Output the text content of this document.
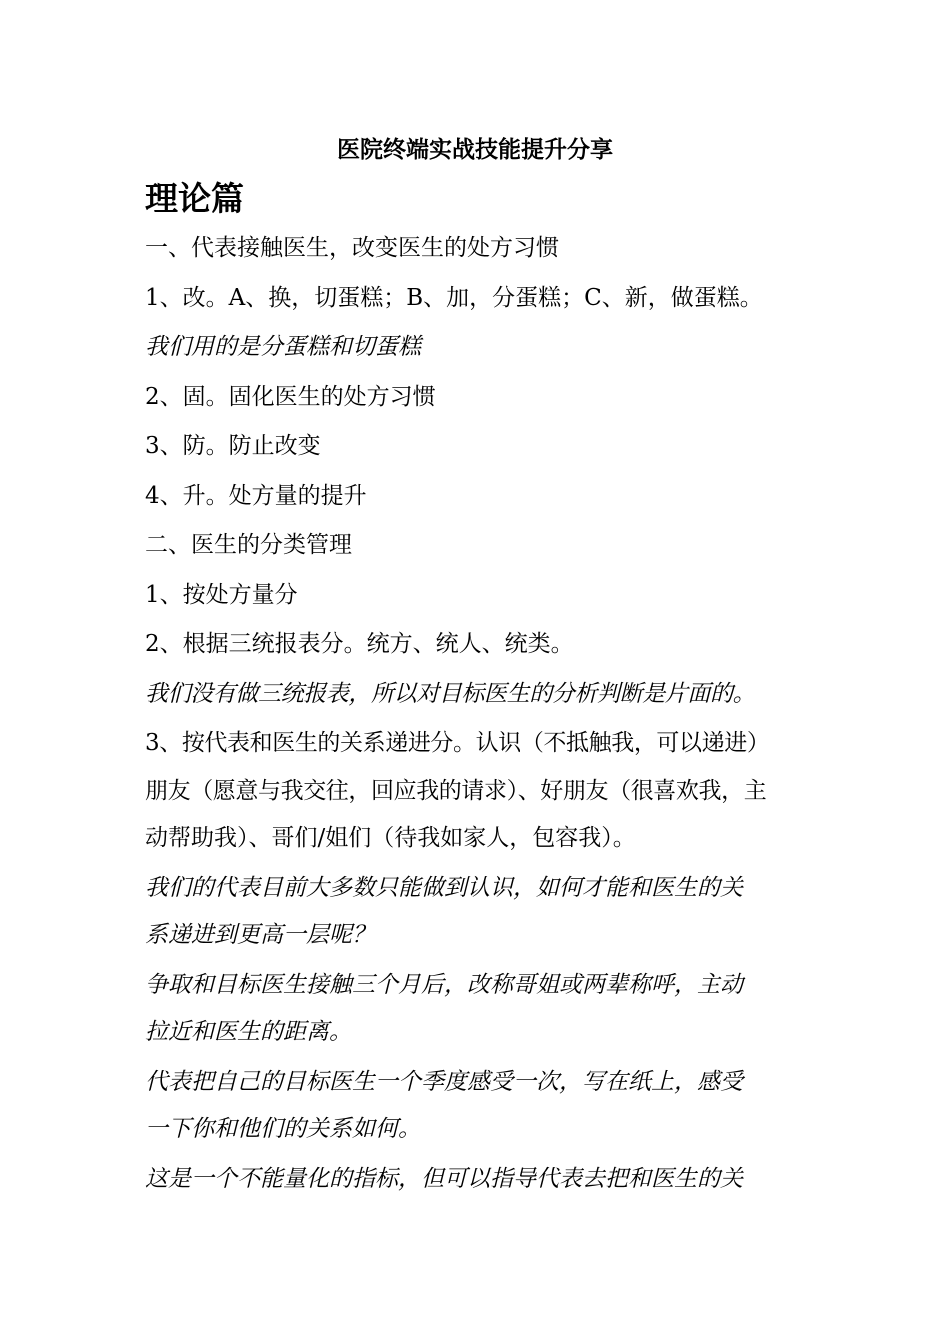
医院终端实战技能提升分享
理论篇
一、代表接触医生，改变医生的处方习惯
1、改。A、换，切蛋糕；B、加，分蛋糕；C、新，做蛋糕。
我们用的是分蛋糕和切蛋糕
2、固。固化医生的处方习惯
3、防。防止改变
4、升。处方量的提升
二、医生的分类管理
1、按处方量分
2、根据三统报表分。统方、统人、统类。
我们没有做三统报表，所以对目标医生的分析判断是片面的。
3、按代表和医生的关系递进分。认识（不抵触我，可以递进）
朋友（愿意与我交往，回应我的请求）、好朋友（很喜欢我，主
动帮助我）、哥们/姐们（待我如家人，包容我）。
我们的代表目前大多数只能做到认识，如何才能和医生的关
系递进到更高一层呢？
争取和目标医生接触三个月后，改称哥姐或两辈称呼，主动
拉近和医生的距离。
代表把自己的目标医生一个季度感受一次，写在纸上，感受
一下你和他们的关系如何。
这是一个不能量化的指标，但可以指导代表去把和医生的关
